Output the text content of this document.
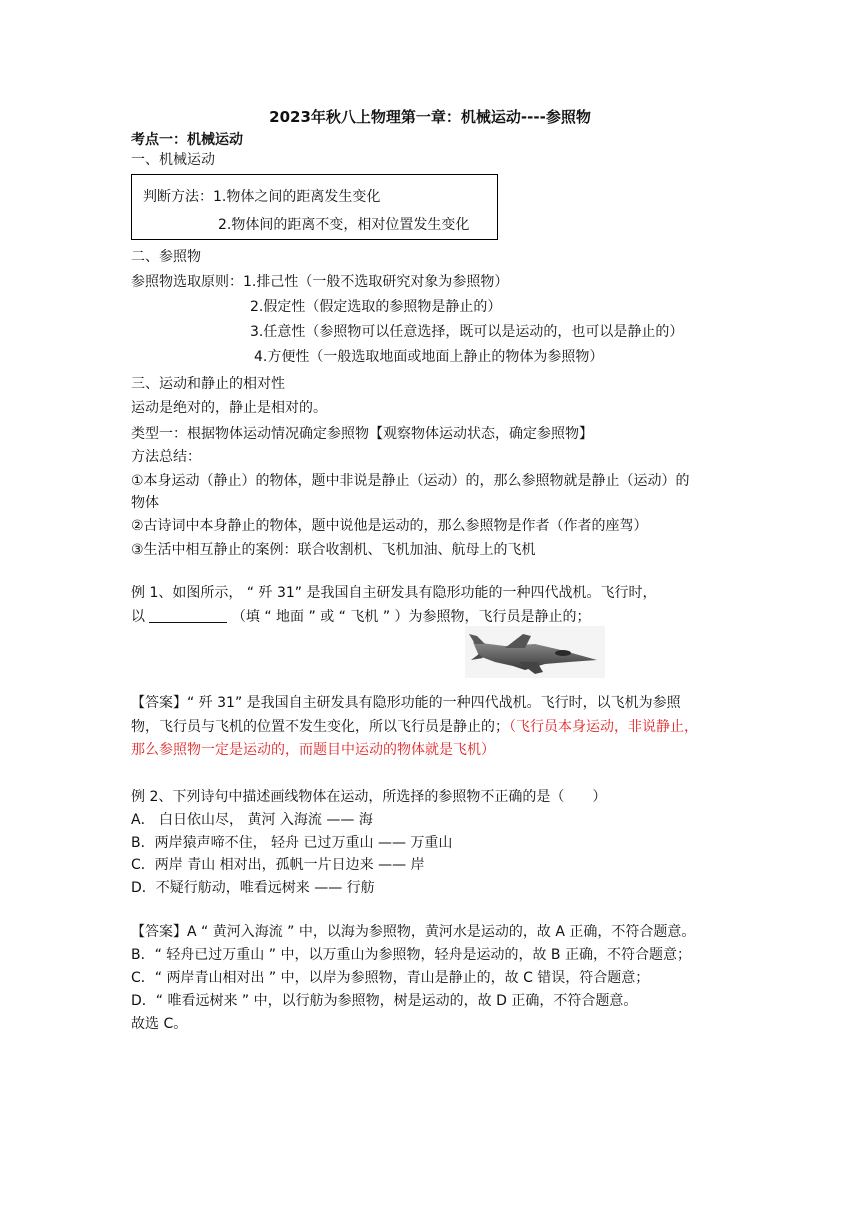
2023年秋八上物理第一章：机械运动----参照物
考点一：机械运动
一、机械运动
判断方法：1.物体之间的距离发生变化
2.物体间的距离不变，相对位置发生变化
二、参照物
参照物选取原则：1.排己性（一般不选取研究对象为参照物）
2.假定性（假定选取的参照物是静止的）
3.任意性（参照物可以任意选择，既可以是运动的，也可以是静止的）
4.方便性（一般选取地面或地面上静止的物体为参照物）
三、运动和静止的相对性
运动是绝对的，静止是相对的。
类型一：根据物体运动情况确定参照物【观察物体运动状态，确定参照物】
方法总结：
①本身运动（静止）的物体，题中非说是静止（运动）的，那么参照物就是静止（运动）的
物体
②古诗词中本身静止的物体，题中说他是运动的，那么参照物是作者（作者的座驾）
③生活中相互静止的案例：联合收割机、飞机加油、航母上的飞机
例 1、如图所示， “ 歼 31” 是我国自主研发具有隐形功能的一种四代战机。飞行时，
以	（填 “ 地面 ” 或 “ 飞机 ” ）为参照物，飞行员是静止的；
【答案】“ 歼 31” 是我国自主研发具有隐形功能的一种四代战机。飞行时，以飞机为参照
物，飞行员与飞机的位置不发生变化，所以飞行员是静止的；（飞行员本身运动，非说静止，
那么参照物一定是运动的，而题目中运动的物体就是飞机）
例 2、下列诗句中描述画线物体在运动，所选择的参照物不正确的是（　　）
A． 白日依山尽， 黄河 入海流 —— 海
B．两岸猿声啼不住， 轻舟 已过万重山 —— 万重山
C．两岸 青山 相对出，孤帆一片日边来 —— 岸
D．不疑行舫动，唯看远树来 —— 行舫
【答案】A “ 黄河入海流 ” 中，以海为参照物，黄河水是运动的，故 A 正确，不符合题意。
B．“ 轻舟已过万重山 ” 中，以万重山为参照物，轻舟是运动的，故 B 正确，不符合题意；
C．“ 两岸青山相对出 ” 中，以岸为参照物，青山是静止的，故 C 错误，符合题意；
D．“ 唯看远树来 ” 中，以行舫为参照物，树是运动的，故 D 正确，不符合题意。
故选 C。
